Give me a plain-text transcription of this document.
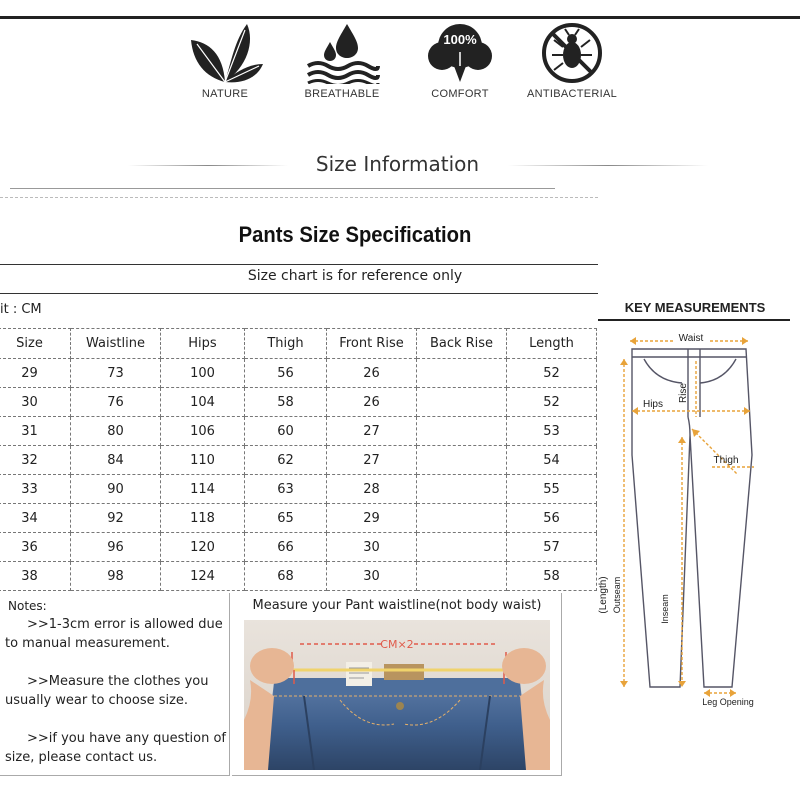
NATURE	BREATHABLE
100%
COMFORT	ANTIBACTERIAL
Size Information
Pants Size Specification
Size chart is for reference only
it : CM
Size	Waistline	Hips	Thigh	Front Rise	Back Rise	Length
29	73	100	56	26		52
30	76	104	58	26		52
31	80	106	60	27		53
32	84	110	62	27		54
33	90	114	63	28		55
34	92	118	65	29		56
36	96	120	66	30		57
38	98	124	68	30		58
Notes:
>>1-3cm error is allowed due to manual measurement.
>>Measure the clothes you usually wear to choose size.
>>if you have any question of size, please contact us.
Measure your Pant waistline(not body waist)
CM×2
KEY MEASUREMENTS
Waist
Rise
Hips
Thigh
(Length) Outseam	Inseam
Leg Opening
